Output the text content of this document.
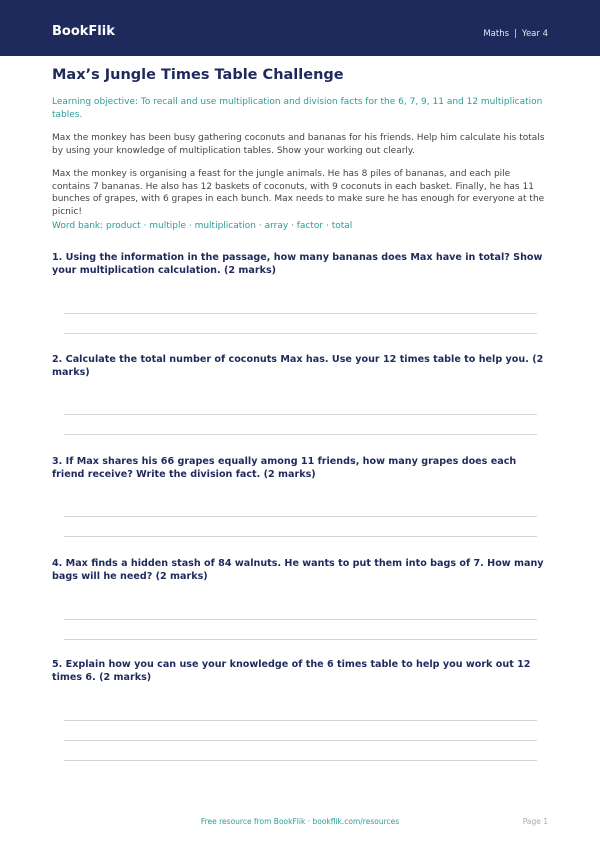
BookFlik	Maths | Year 4
Max’s Jungle Times Table Challenge

Learning objective: To recall and use multiplication and division facts for the 6, 7, 9, 11 and 12 multiplication tables.

Max the monkey has been busy gathering coconuts and bananas for his friends. Help him calculate his totals by using your knowledge of multiplication tables. Show your working out clearly.

Max the monkey is organising a feast for the jungle animals. He has 8 piles of bananas, and each pile contains 7 bananas. He also has 12 baskets of coconuts, with 9 coconuts in each basket. Finally, he has 11 bunches of grapes, with 6 grapes in each bunch. Max needs to make sure he has enough for everyone at the picnic!

Word bank: product · multiple · multiplication · array · factor · total

1. Using the information in the passage, how many bananas does Max have in total? Show your multiplication calculation. (2 marks)

2. Calculate the total number of coconuts Max has. Use your 12 times table to help you. (2 marks)

3. If Max shares his 66 grapes equally among 11 friends, how many grapes does each friend receive? Write the division fact. (2 marks)

4. Max finds a hidden stash of 84 walnuts. He wants to put them into bags of 7. How many bags will he need? (2 marks)

5. Explain how you can use your knowledge of the 6 times table to help you work out 12 times 6. (2 marks)

Free resource from BookFlik · bookflik.com/resources	Page 1
